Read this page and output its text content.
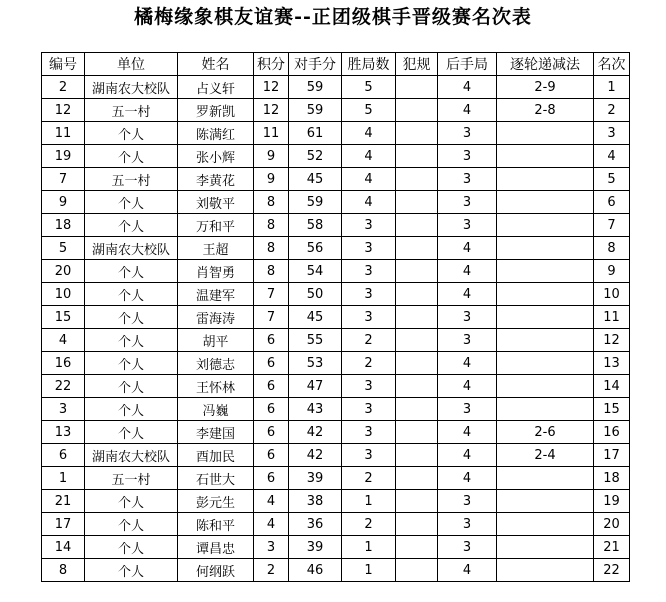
橘梅缘象棋友谊赛--正团级棋手晋级赛名次表
编号	单位	姓名	积分	对手分	胜局数	犯规	后手局	逐轮递减法	名次
2	湖南农大校队	占义轩	12	59	5		4	2-9	1
12	五一村	罗新凯	12	59	5		4	2-8	2
11	个人	陈满红	11	61	4		3		3
19	个人	张小辉	9	52	4		3		4
7	五一村	李黄花	9	45	4		3		5
9	个人	刘敬平	8	59	4		3		6
18	个人	万和平	8	58	3		3		7
5	湖南农大校队	王超	8	56	3		4		8
20	个人	肖智勇	8	54	3		4		9
10	个人	温建军	7	50	3		4		10
15	个人	雷海涛	7	45	3		3		11
4	个人	胡平	6	55	2		3		12
16	个人	刘德志	6	53	2		4		13
22	个人	王怀林	6	47	3		4		14
3	个人	冯巍	6	43	3		3		15
13	个人	李建国	6	42	3		4	2-6	16
6	湖南农大校队	酉加民	6	42	3		4	2-4	17
1	五一村	石世大	6	39	2		4		18
21	个人	彭元生	4	38	1		3		19
17	个人	陈和平	4	36	2		3		20
14	个人	谭昌忠	3	39	1		3		21
8	个人	何纲跃	2	46	1		4		22
